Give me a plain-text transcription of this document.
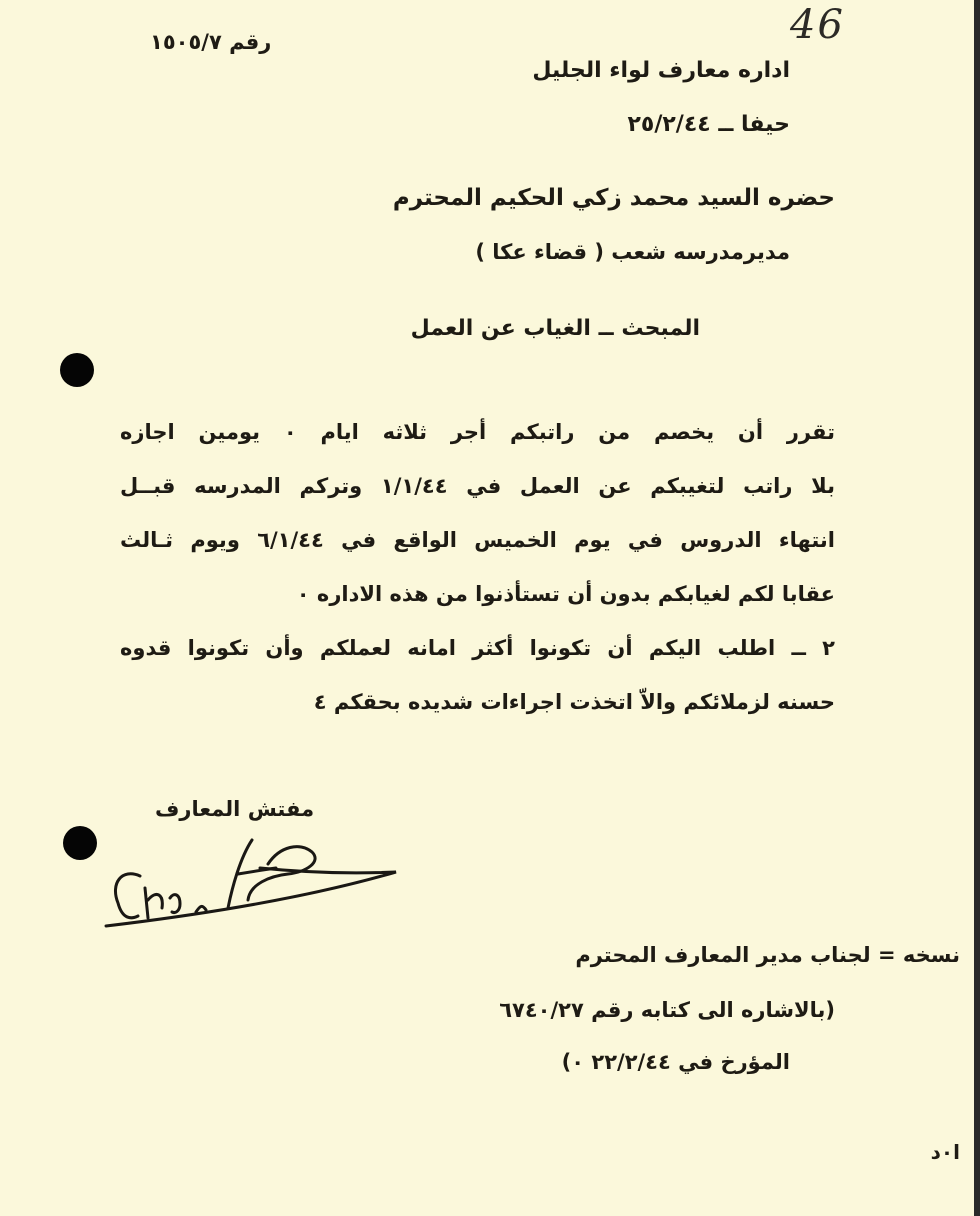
46
رقم ١٥٠٥/٧
اداره معارف لواء الجليل
حيفا ــ ٢٥/٢/٤٤
حضره السيد محمد زكي الحكيم المحترم
مديرمدرسه شعب ( قضاء عكا )
المبحث ــ الغياب عن العمل
تقرر أن يخصم من راتبكم أجر ثلاثه ايام ٠ يومين اجازه
بلا راتب لتغيبكم عن العمل في ١/١/٤٤ وتركم المدرسه قبــل
انتهاء الدروس في يوم الخميس الواقع في ٦/١/٤٤ ويوم ثـالث
عقابا لكم لغيابكم بدون أن تستأذنوا من هذه الاداره ٠
٢ ــ اطلب اليكم أن تكونوا أكثر امانه لعملكم وأن تكونوا قدوه
حسنه لزملائكم والاّ اتخذت اجراءات شديده بحقكم ٤
مفتش المعارف
نسخه = لجناب مدير المعارف المحترم
(بالاشاره الى كتابه رقم ٦٧٤٠/٢٧
المؤرخ في ٢٢/٢/٤٤ ٠)
ا٠د
